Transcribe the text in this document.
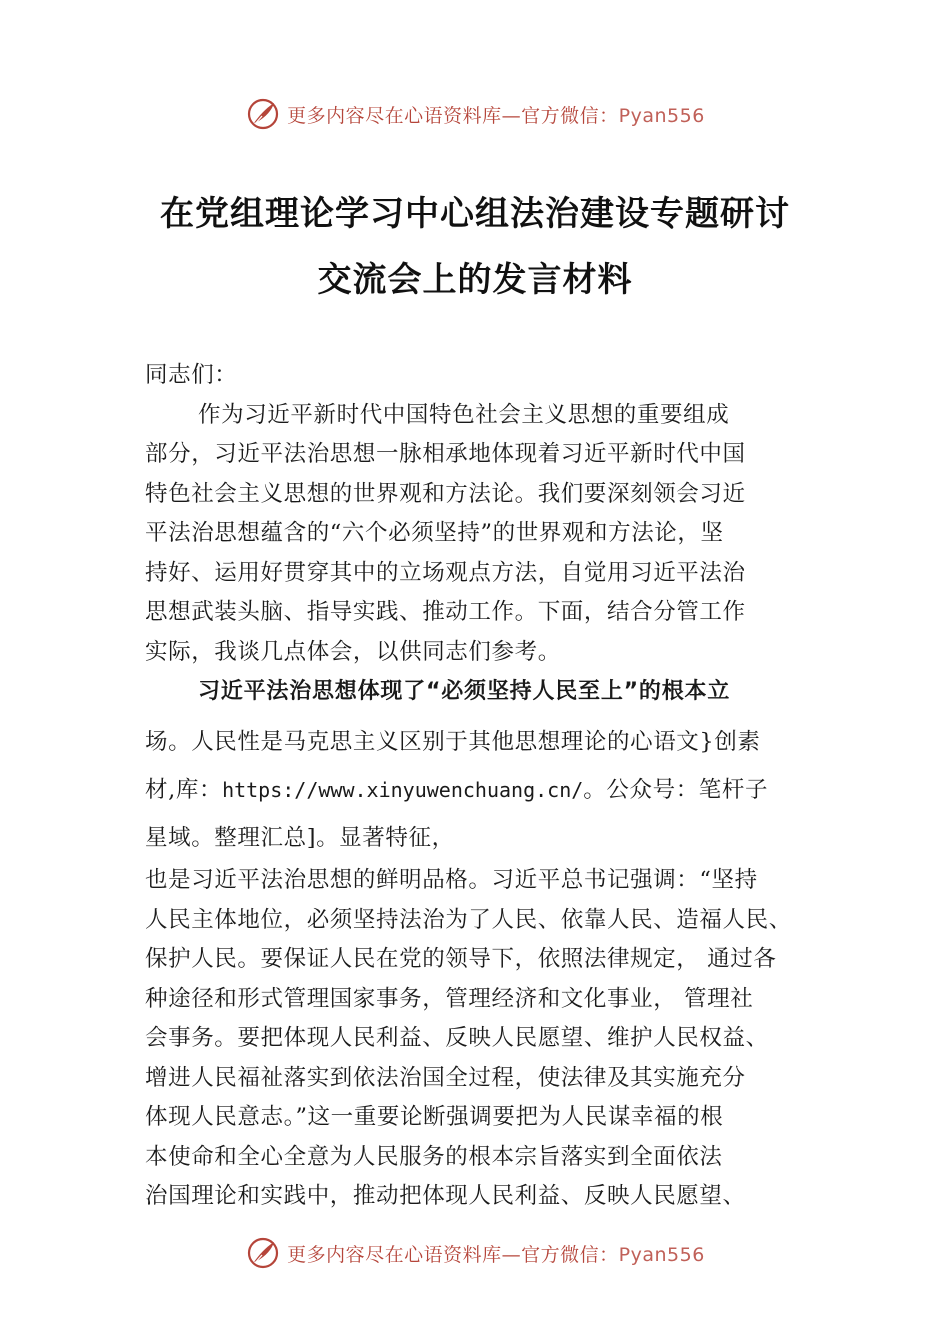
更多内容尽在心语资料库—官方微信：Pyan556
在党组理论学习中心组法治建设专题研讨
交流会上的发言材料
同志们：
作为习近平新时代中国特色社会主义思想的重要组成
部分，习近平法治思想一脉相承地体现着习近平新时代中国
特色社会主义思想的世界观和方法论。我们要深刻领会习近
平法治思想蕴含的“六个必须坚持”的世界观和方法论，坚
持好、运用好贯穿其中的立场观点方法，自觉用习近平法治
思想武装头脑、指导实践、推动工作。下面，结合分管工作
实际，我谈几点体会，以供同志们参考。
习近平法治思想体现了“必须坚持人民至上”的根本立
场。人民性是马克思主义区别于其他思想理论的心语文}创素
材,库：https://www.xinyuwenchuang.cn/。公众号：笔杆子
星域。整理汇总]。显著特征，
也是习近平法治思想的鲜明品格。习近平总书记强调：“坚持
人民主体地位，必须坚持法治为了人民、依靠人民、造福人民、
保护人民。要保证人民在党的领导下，依照法律规定， 通过各
种途径和形式管理国家事务，管理经济和文化事业， 管理社
会事务。要把体现人民利益、反映人民愿望、维护人民权益、
增进人民福祉落实到依法治国全过程，使法律及其实施充分
体现人民意志。”这一重要论断强调要把为人民谋幸福的根
本使命和全心全意为人民服务的根本宗旨落实到全面依法
治国理论和实践中，推动把体现人民利益、反映人民愿望、
更多内容尽在心语资料库—官方微信：Pyan556
